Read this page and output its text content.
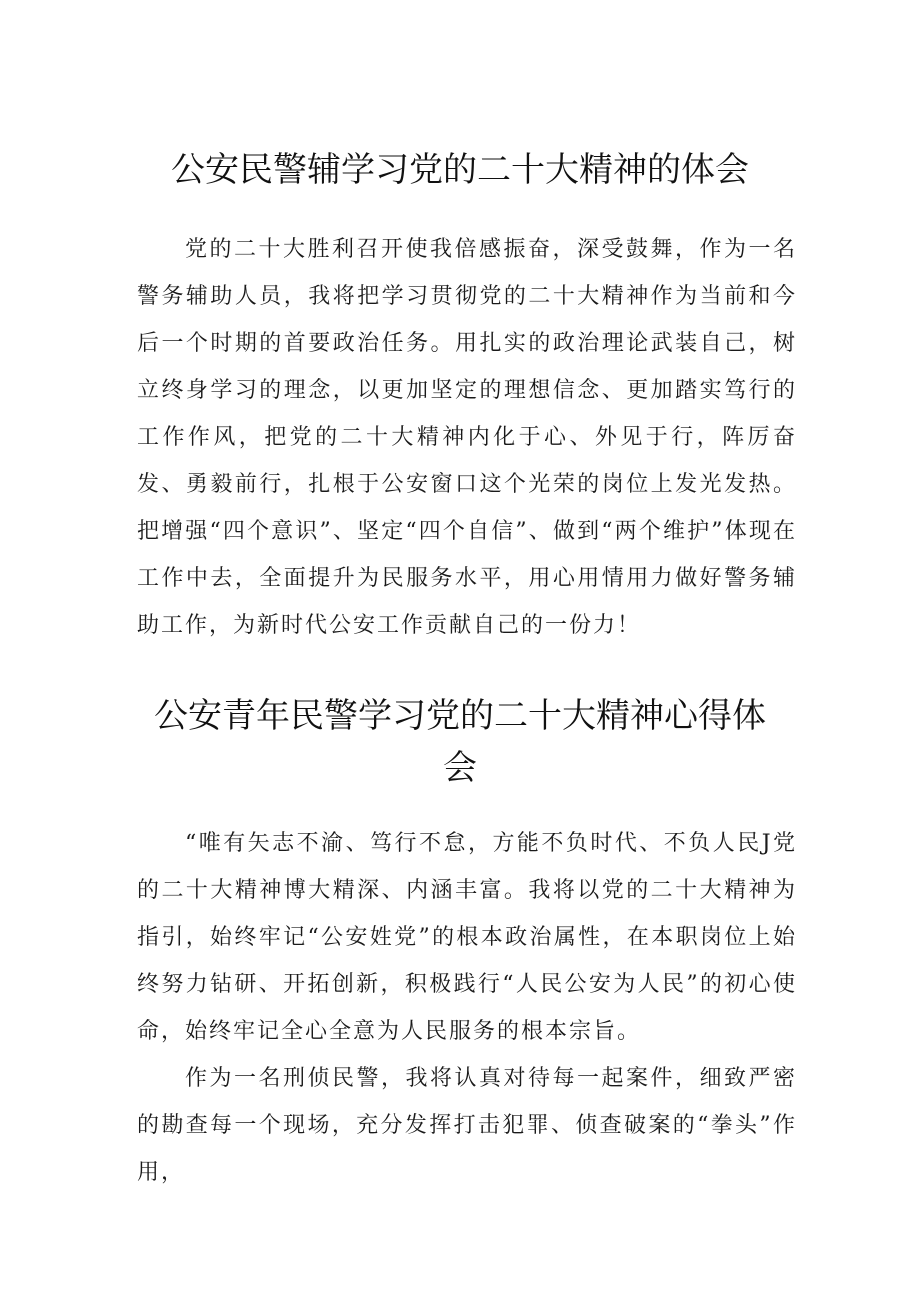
公安民警辅学习党的二十大精神的体会

党的二十大胜利召开使我倍感振奋，深受鼓舞，作为一名警务辅助人员，我将把学习贯彻党的二十大精神作为当前和今后一个时期的首要政治任务。用扎实的政治理论武装自己，树立终身学习的理念，以更加坚定的理想信念、更加踏实笃行的工作作风，把党的二十大精神内化于心、外见于行，阵厉奋发、勇毅前行，扎根于公安窗口这个光荣的岗位上发光发热。把增强“四个意识”、坚定“四个自信”、做到“两个维护”体现在工作中去，全面提升为民服务水平，用心用情用力做好警务辅助工作，为新时代公安工作贡献自己的一份力！

公安青年民警学习党的二十大精神心得体会

“唯有矢志不渝、笃行不怠，方能不负时代、不负人民J党的二十大精神博大精深、内涵丰富。我将以党的二十大精神为指引，始终牢记“公安姓党”的根本政治属性，在本职岗位上始终努力钻研、开拓创新，积极践行“人民公安为人民”的初心使命，始终牢记全心全意为人民服务的根本宗旨。

作为一名刑侦民警，我将认真对待每一起案件，细致严密的勘查每一个现场，充分发挥打击犯罪、侦查破案的“拳头”作用，
